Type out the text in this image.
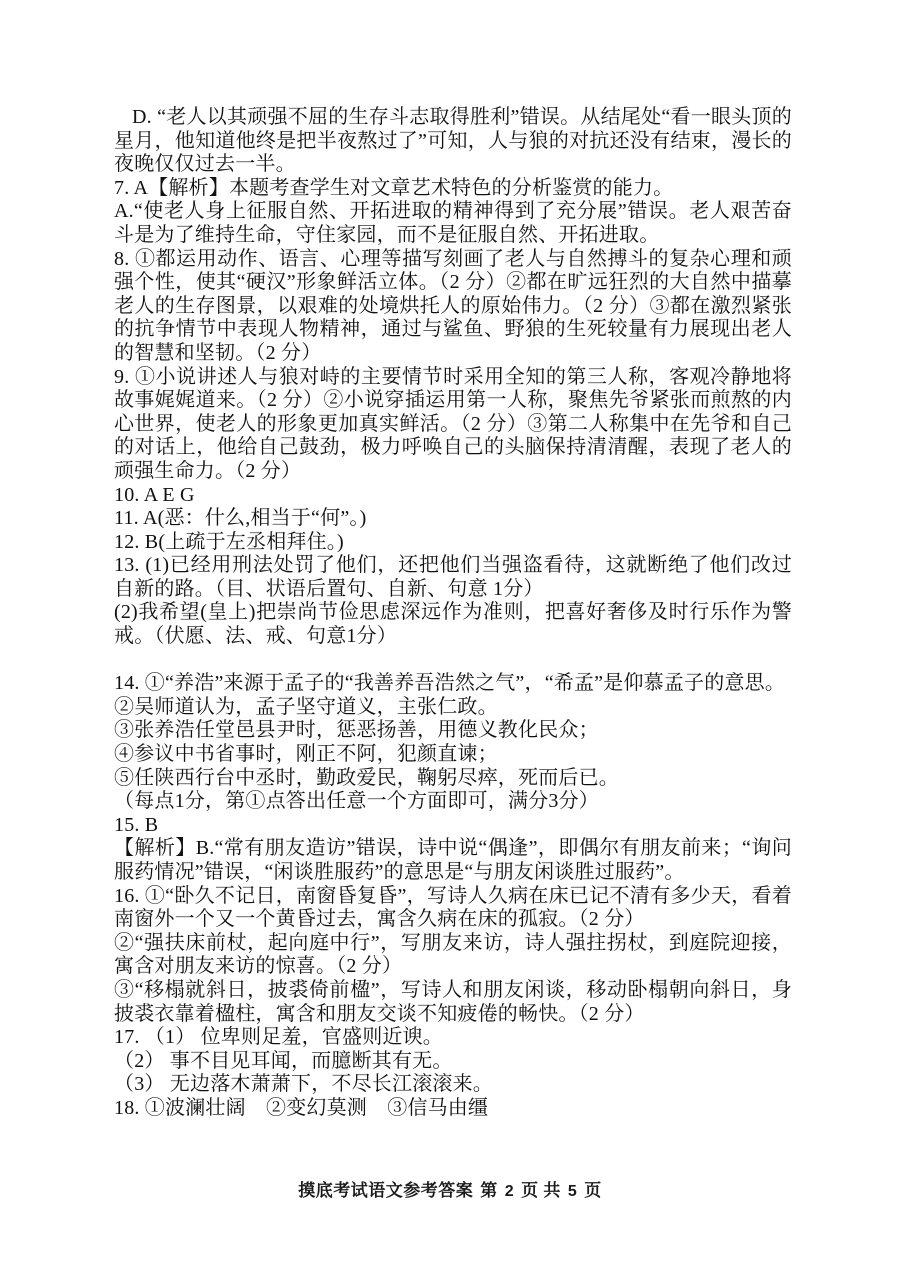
D. “老人以其顽强不屈的生存斗志取得胜利”错误。从结尾处“看一眼头顶的星月，他知道他终是把半夜熬过了”可知，人与狼的对抗还没有结束，漫长的夜晚仅仅过去一半。

7. A【解析】本题考查学生对文章艺术特色的分析鉴赏的能力。

A.“使老人身上征服自然、开拓进取的精神得到了充分展”错误。老人艰苦奋斗是为了维持生命，守住家园，而不是征服自然、开拓进取。

8. ①都运用动作、语言、心理等描写刻画了老人与自然搏斗的复杂心理和顽强个性，使其“硬汉”形象鲜活立体。（2 分）②都在旷远狂烈的大自然中描摹老人的生存图景，以艰难的处境烘托人的原始伟力。（2 分）③都在激烈紧张的抗争情节中表现人物精神，通过与鲨鱼、野狼的生死较量有力展现出老人的智慧和坚韧。（2 分）

9. ①小说讲述人与狼对峙的主要情节时采用全知的第三人称，客观冷静地将故事娓娓道来。（2 分）②小说穿插运用第一人称，聚焦先爷紧张而煎熬的内心世界，使老人的形象更加真实鲜活。（2 分）③第二人称集中在先爷和自己的对话上，他给自己鼓劲，极力呼唤自己的头脑保持清清醒，表现了老人的顽强生命力。（2 分）

10. A E G

11. A(恶：什么,相当于“何”。)

12. B(上疏于左丞相拜住。)

13. (1)已经用刑法处罚了他们，还把他们当强盗看待，这就断绝了他们改过自新的路。（目、状语后置句、自新、句意 1分）

(2)我希望(皇上)把崇尚节俭思虑深远作为准则，把喜好奢侈及时行乐作为警戒。（伏愿、法、戒、句意1分）

14. ①“养浩”来源于孟子的“我善养吾浩然之气”，“希孟”是仰慕孟子的意思。

②吴师道认为，孟子坚守道义，主张仁政。

③张养浩任堂邑县尹时，惩恶扬善，用德义教化民众；

④参议中书省事时，刚正不阿，犯颜直谏；

⑤任陕西行台中丞时，勤政爱民，鞠躬尽瘁，死而后已。

（每点1分，第①点答出任意一个方面即可，满分3分）

15. B

【解析】B.“常有朋友造访”错误，诗中说“偶逢”，即偶尔有朋友前来；“询问服药情况”错误，“闲谈胜服药”的意思是“与朋友闲谈胜过服药”。

16. ①“卧久不记日，南窗昏复昏”，写诗人久病在床已记不清有多少天，看着南窗外一个又一个黄昏过去，寓含久病在床的孤寂。（2 分）

②“强扶床前杖，起向庭中行”，写朋友来访，诗人强拄拐杖，到庭院迎接，寓含对朋友来访的惊喜。（2 分）

③“移榻就斜日，披裘倚前楹”，写诗人和朋友闲谈，移动卧榻朝向斜日，身披裘衣靠着楹柱，寓含和朋友交谈不知疲倦的畅快。（2 分）

17. （1） 位卑则足羞，官盛则近谀。

（2） 事不目见耳闻，而臆断其有无。

（3） 无边落木萧萧下，不尽长江滚滚来。

18. ①波澜壮阔　②变幻莫测　③信马由缰

摸底考试语文参考答案 第 2 页 共 5 页
